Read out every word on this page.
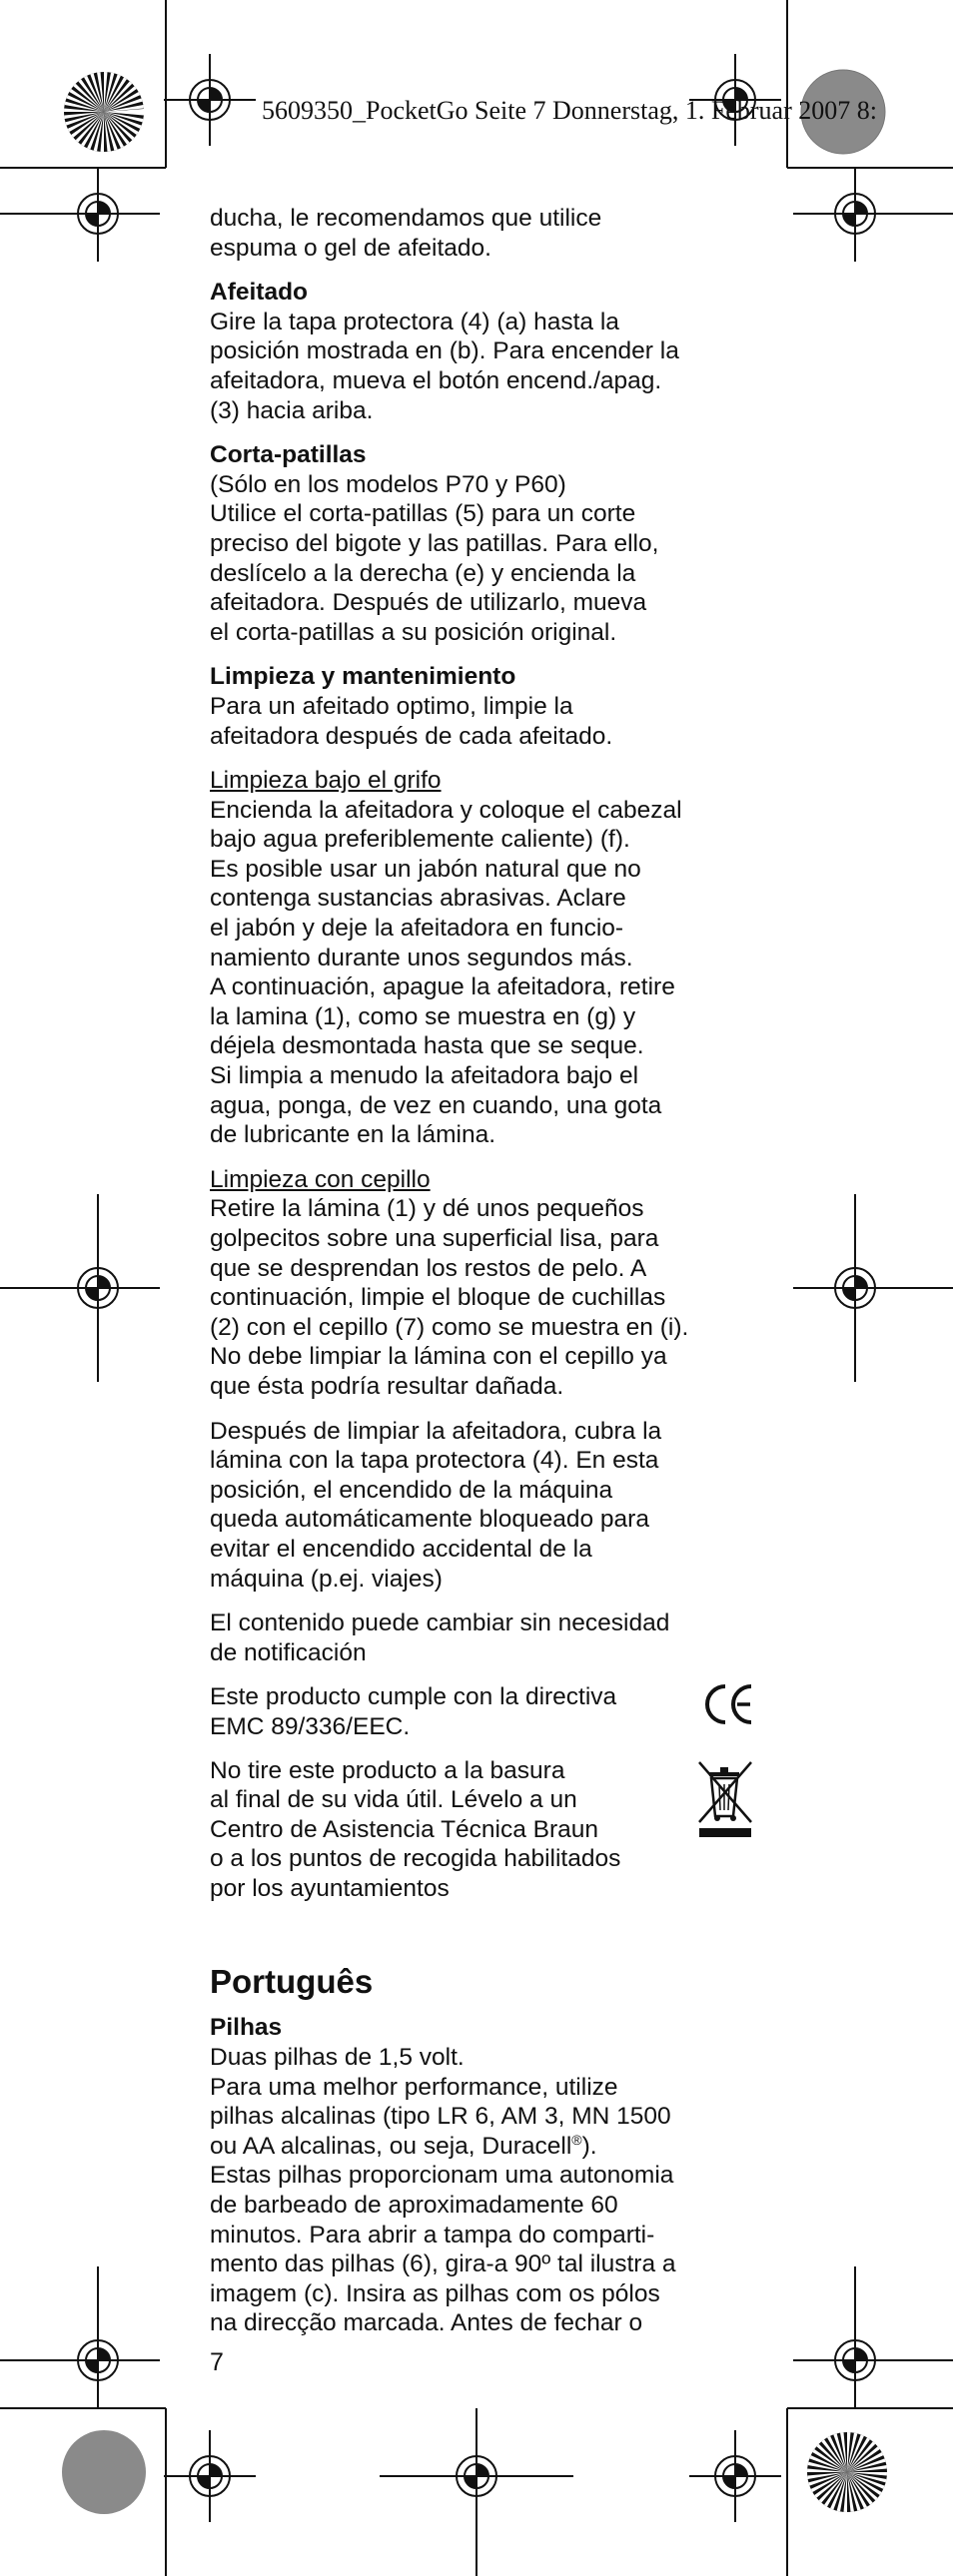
5609350_PocketGo Seite 7 Donnerstag, 1. Februar 2007 8:
ducha, le recomendamos que utilice
espuma o gel de afeitado.
Afeitado
Gire la tapa protectora (4) (a) hasta la
posición mostrada en (b). Para encender la
afeitadora, mueva el botón encend./apag.
(3) hacia ariba.
Corta-patillas
(Sólo en los modelos P70 y P60)
Utilice el corta-patillas (5) para un corte
preciso del bigote y las patillas. Para ello,
deslícelo a la derecha (e) y encienda la
afeitadora. Después de utilizarlo, mueva
el corta-patillas a su posición original.
Limpieza y mantenimiento
Para un afeitado optimo, limpie la
afeitadora después de cada afeitado.
Limpieza bajo el grifo
Encienda la afeitadora y coloque el cabezal
bajo agua preferiblemente caliente) (f).
Es posible usar un jabón natural que no
contenga sustancias abrasivas. Aclare
el jabón y deje la afeitadora en funcio-
namiento durante unos segundos más.
A continuación, apague la afeitadora, retire
la lamina (1), como se muestra en (g) y
déjela desmontada hasta que se seque.
Si limpia a menudo la afeitadora bajo el
agua, ponga, de vez en cuando, una gota
de lubricante en la lámina.
Limpieza con cepillo
Retire la lámina (1) y dé unos pequeños
golpecitos sobre una superficial lisa, para
que se desprendan los restos de pelo. A
continuación, limpie el bloque de cuchillas
(2) con el cepillo (7) como se muestra en (i).
No debe limpiar la lámina con el cepillo ya
que ésta podría resultar dañada.
Después de limpiar la afeitadora, cubra la
lámina con la tapa protectora (4). En esta
posición, el encendido de la máquina
queda automáticamente bloqueado para
evitar el encendido accidental de la
máquina (p.ej. viajes)
El contenido puede cambiar sin necesidad
de notificación
Este producto cumple con la directiva
EMC 89/336/EEC.
No tire este producto a la basura
al final de su vida útil. Lévelo a un
Centro de Asistencia Técnica Braun
o a los puntos de recogida habilitados
por los ayuntamientos
Português
Pilhas
Duas pilhas de 1,5 volt.
Para uma melhor performance, utilize
pilhas alcalinas (tipo LR 6, AM 3, MN 1500
ou AA alcalinas, ou seja, Duracell®).
Estas pilhas proporcionam uma autonomia
de barbeado de aproximadamente 60
minutos. Para abrir a tampa do comparti-
mento das pilhas (6), gira-a 90º tal ilustra a
imagem (c). Insira as pilhas com os pólos
na direcção marcada. Antes de fechar o
7
